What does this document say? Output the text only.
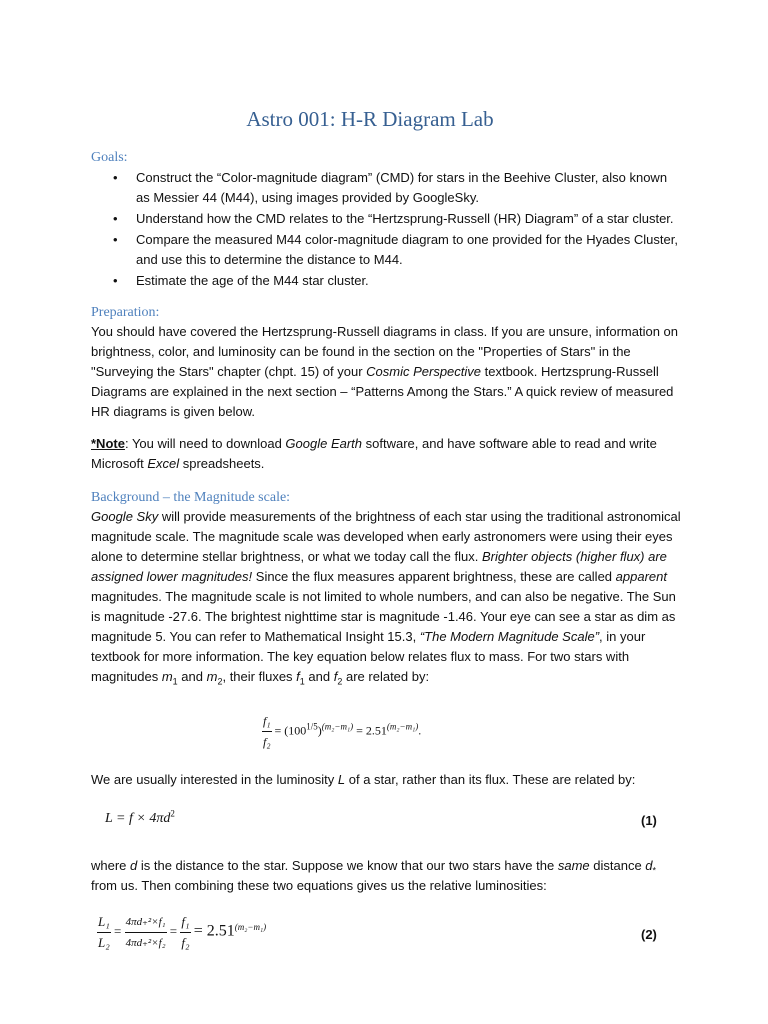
Astro 001: H-R Diagram Lab
Goals:
• Construct the “Color-magnitude diagram” (CMD) for stars in the Beehive Cluster, also known as Messier 44 (M44), using images provided by GoogleSky.
• Understand how the CMD relates to the “Hertzsprung-Russell (HR) Diagram” of a star cluster.
• Compare the measured M44 color-magnitude diagram to one provided for the Hyades Cluster, and use this to determine the distance to M44.
• Estimate the age of the M44 star cluster.
Preparation:

You should have covered the Hertzsprung-Russell diagrams in class. If you are unsure, information on brightness, color, and luminosity can be found in the section on the "Properties of Stars" in the "Surveying the Stars" chapter (chpt. 15) of your Cosmic Perspective textbook. Hertzsprung-Russell Diagrams are explained in the next section – “Patterns Among the Stars.” A quick review of measured HR diagrams is given below.

*Note: You will need to download Google Earth software, and have software able to read and write Microsoft Excel spreadsheets.

Background – the Magnitude scale:

Google Sky will provide measurements of the brightness of each star using the traditional astronomical magnitude scale. The magnitude scale was developed when early astronomers were using their eyes alone to determine stellar brightness, or what we today call the flux. Brighter objects (higher flux) are assigned lower magnitudes! Since the flux measures apparent brightness, these are called apparent magnitudes. The magnitude scale is not limited to whole numbers, and can also be negative. The Sun is magnitude -27.6. The brightest nighttime star is magnitude -1.46. Your eye can see a star as dim as magnitude 5. You can refer to Mathematical Insight 15.3, “The Modern Magnitude Scale”, in your textbook for more information. The key equation below relates flux to mass. For two stars with magnitudes $m_1$ and $m_2$, their fluxes $f_1$ and $f_2$ are related by:

$\frac{\text{f₁}}{\text{f₂}} = (100^{1/5})^{(m_2-m_1)} = 2.51^{(m_2-m_1)}$.

We are usually interested in the luminosity L of a star, rather than its flux. These are related by:

$L = f \times 4\pi d^2$	(1)

where d is the distance to the star. Suppose we know that our two stars have the same distance $d_*$ from us. Then combining these two equations gives us the relative luminosities:

$\frac{\text{L₁}}{\text{L₂}} = \frac{\text{4πd₊²×f₁}}{\text{4πd₊²×f₂}} = \frac{\text{f₁}}{\text{f₂}} = 2.51^{(m_2-m_1)}$	(2)
